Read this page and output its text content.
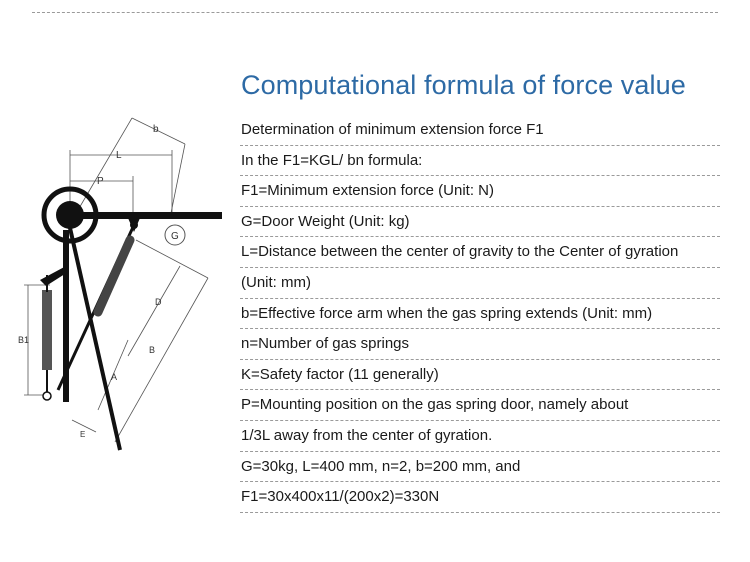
Computational formula of force value
Determination of minimum extension force F1
In the F1=KGL/ bn formula:
F1=Minimum extension force (Unit: N)
G=Door Weight (Unit: kg)
L=Distance between the center of gravity to the Center of gyration
(Unit: mm)
b=Effective force arm when the gas spring extends (Unit: mm)
n=Number of gas springs
K=Safety factor (11 generally)
P=Mounting position on the gas spring door, namely about
1/3L away from the center of gyration.
G=30kg, L=400 mm, n=2, b=200 mm, and
F1=30x400x11/(200x2)=330N
b
L
P
G
D
B
A
B1
E
